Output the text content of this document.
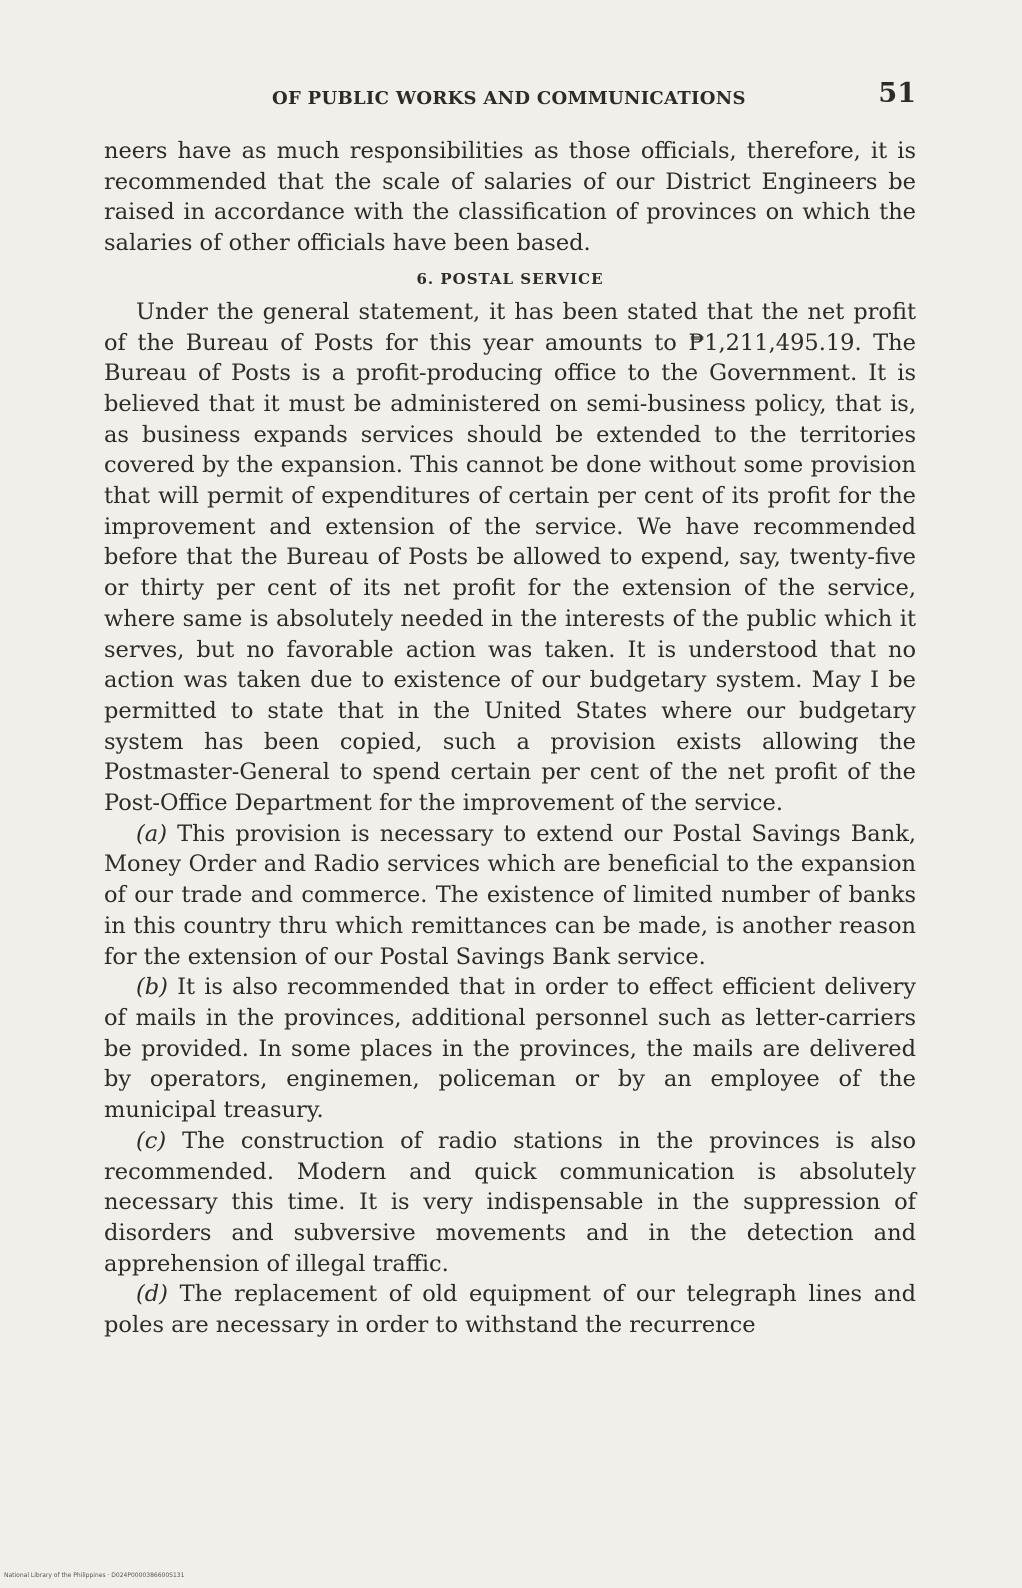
OF PUBLIC WORKS AND COMMUNICATIONS	51

neers have as much responsibilities as those officials, therefore, it is recommended that the scale of salaries of our District Engineers be raised in accordance with the classification of provinces on which the salaries of other officials have been based.

6. POSTAL SERVICE

Under the general statement, it has been stated that the net profit of the Bureau of Posts for this year amounts to ₱1,211,495.19. The Bureau of Posts is a profit-producing office to the Government. It is believed that it must be administered on semi-business policy, that is, as business expands services should be extended to the territories covered by the expansion. This cannot be done without some provision that will permit of expenditures of certain per cent of its profit for the improvement and extension of the service. We have recommended before that the Bureau of Posts be allowed to expend, say, twenty-five or thirty per cent of its net profit for the extension of the service, where same is absolutely needed in the interests of the public which it serves, but no favorable action was taken. It is understood that no action was taken due to existence of our budgetary system. May I be permitted to state that in the United States where our budgetary system has been copied, such a provision exists allowing the Postmaster-General to spend certain per cent of the net profit of the Post-Office Department for the improvement of the service.

(a) This provision is necessary to extend our Postal Savings Bank, Money Order and Radio services which are beneficial to the expansion of our trade and commerce. The existence of limited number of banks in this country thru which remittances can be made, is another reason for the extension of our Postal Savings Bank service.

(b) It is also recommended that in order to effect efficient delivery of mails in the provinces, additional personnel such as letter-carriers be provided. In some places in the provinces, the mails are delivered by operators, enginemen, policeman or by an employee of the municipal treasury.

(c) The construction of radio stations in the provinces is also recommended. Modern and quick communication is absolutely necessary this time. It is very indispensable in the suppression of disorders and subversive movements and in the detection and apprehension of illegal traffic.

(d) The replacement of old equipment of our telegraph lines and poles are necessary in order to withstand the recurrence

National Library of the Philippines · D024P0000386600S131
